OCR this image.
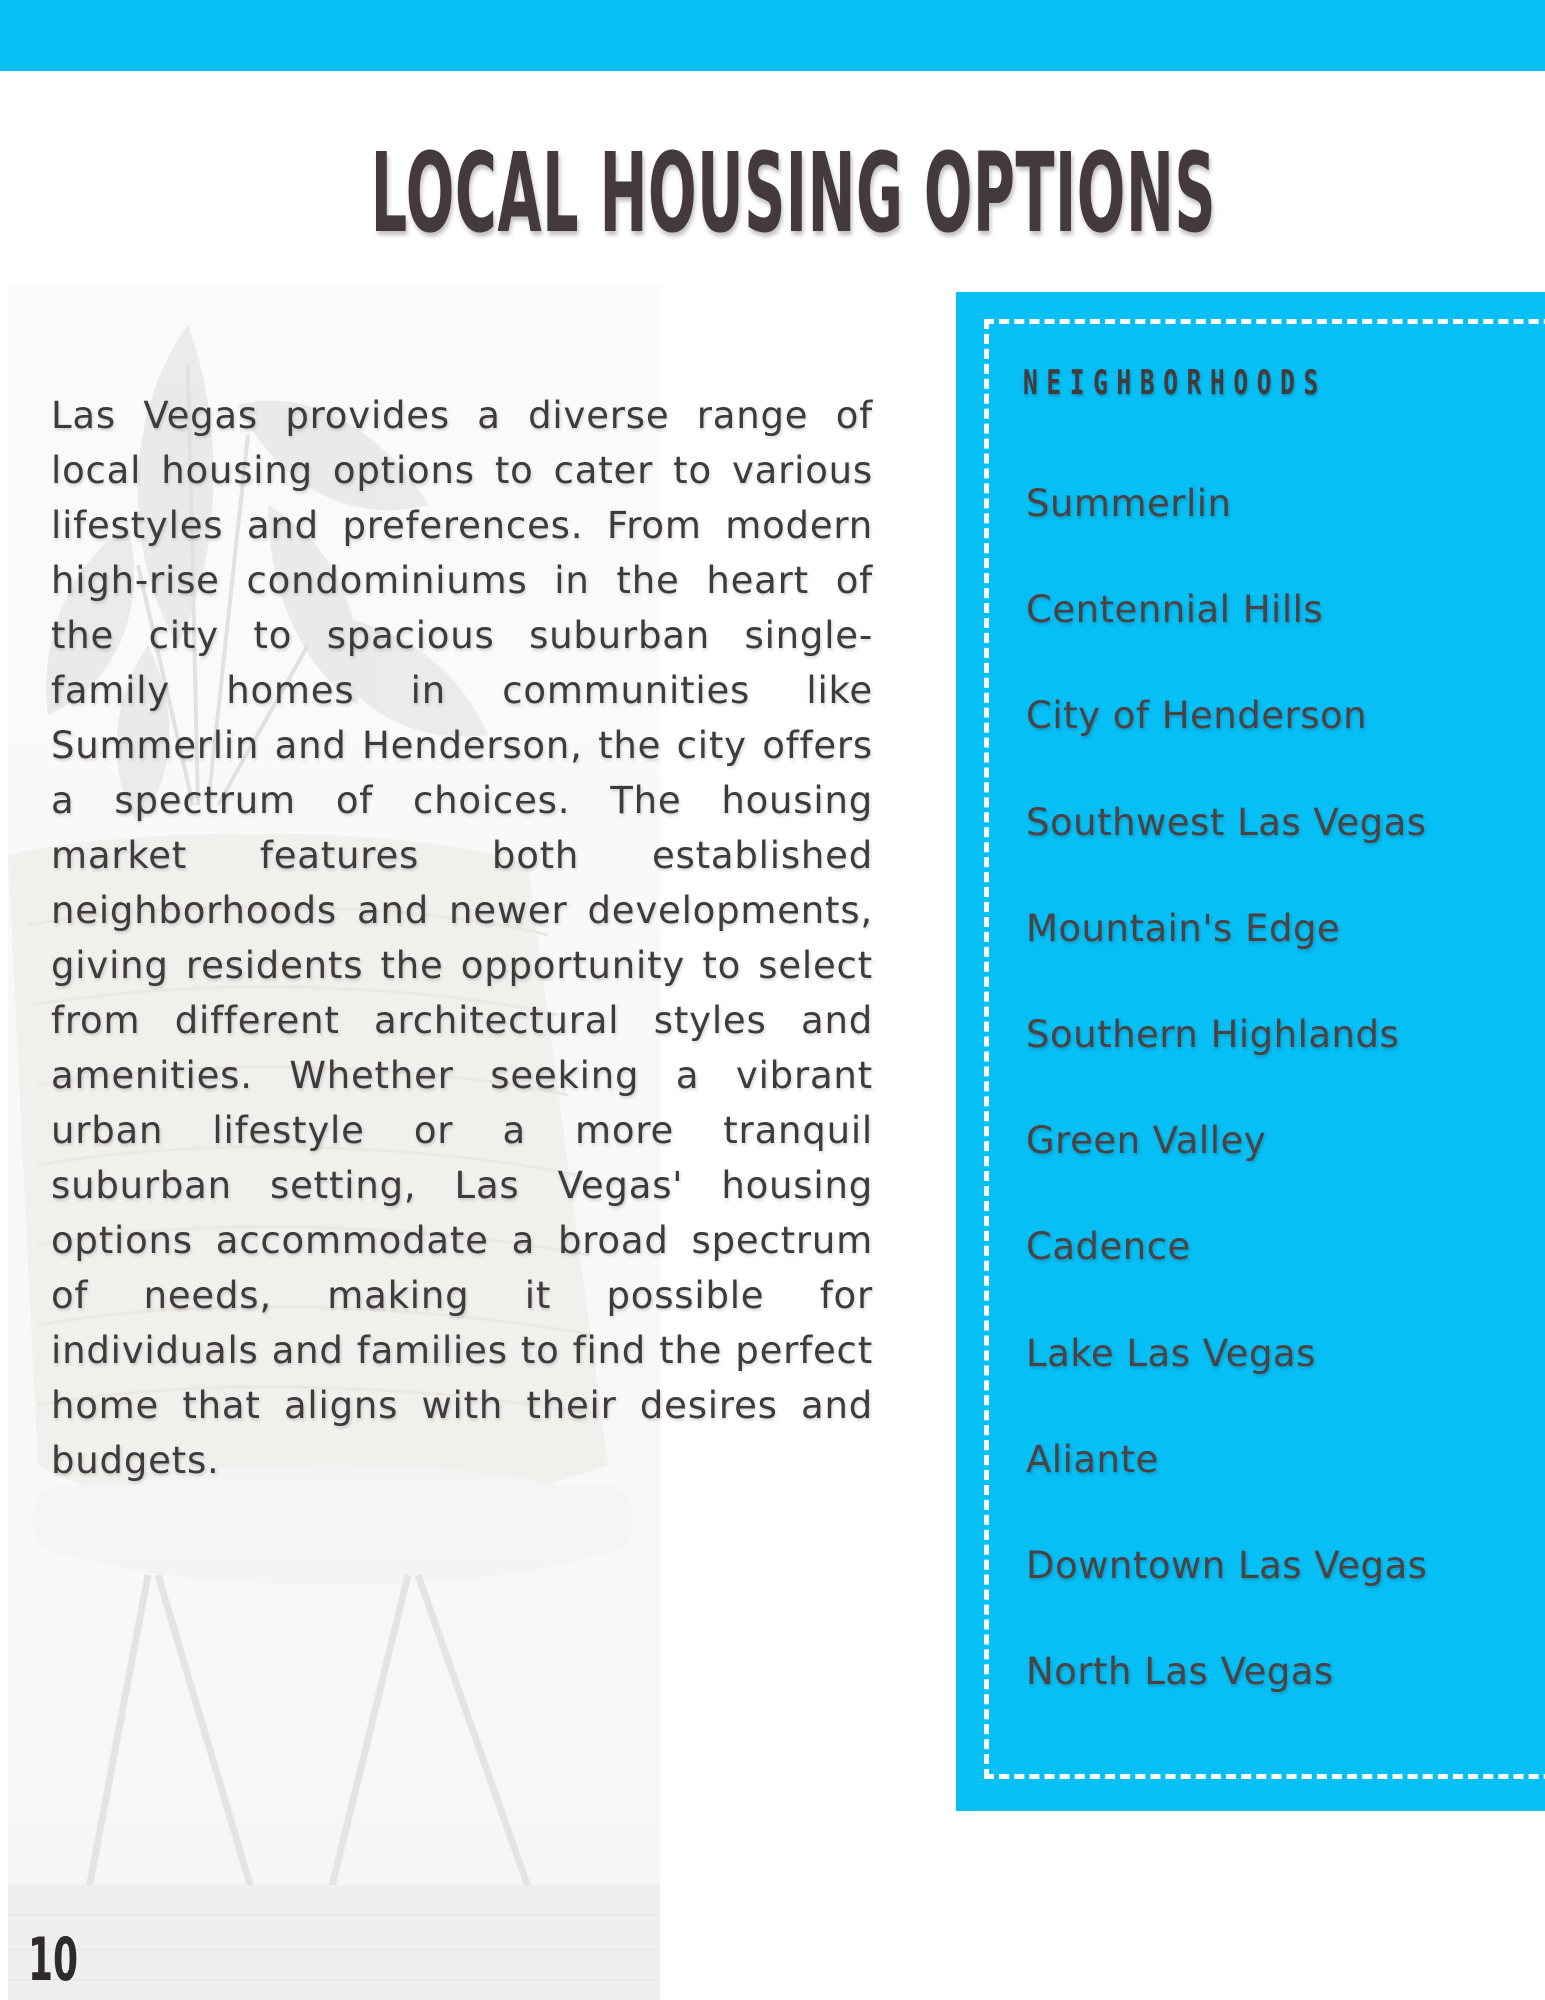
LOCAL HOUSING OPTIONS
Las Vegas provides a diverse range of local housing options to cater to various lifestyles and preferences. From modern high-rise condominiums in the heart of the city to spacious suburban single-family homes in communities like Summerlin and Henderson, the city offers a spectrum of choices. The housing market features both established neighborhoods and newer developments, giving residents the opportunity to select from different architectural styles and amenities. Whether seeking a vibrant urban lifestyle or a more tranquil suburban setting, Las Vegas' housing options accommodate a broad spectrum of needs, making it possible for individuals and families to find the perfect home that aligns with their desires and budgets.
NEIGHBORHOODS
Summerlin
Centennial Hills
City of Henderson
Southwest Las Vegas
Mountain's Edge
Southern Highlands
Green Valley
Cadence
Lake Las Vegas
Aliante
Downtown Las Vegas
North Las Vegas
10
